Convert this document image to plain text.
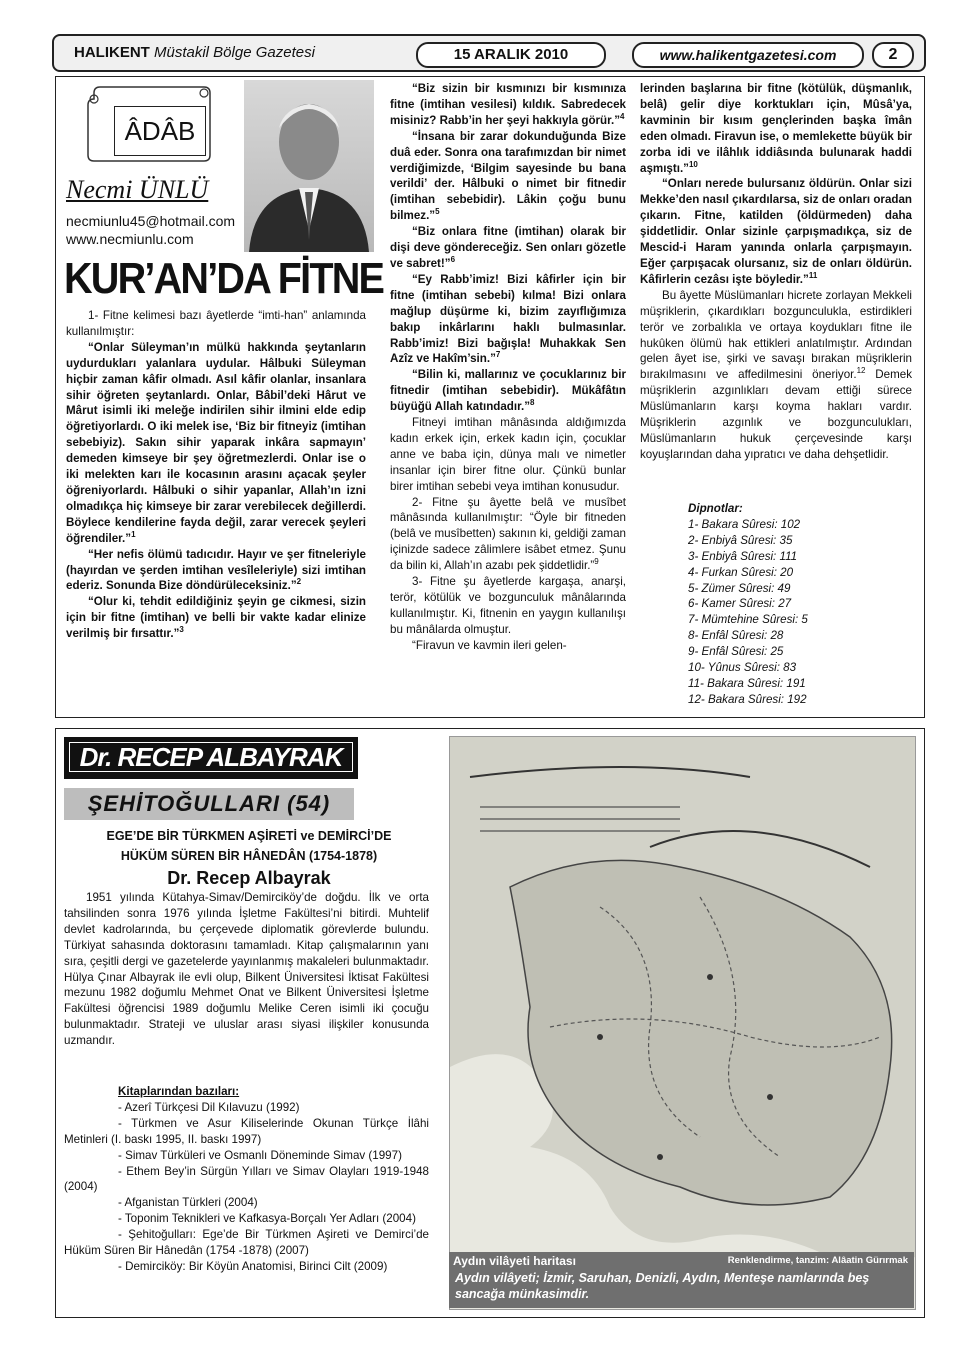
HALIKENT Müstakil Bölge Gazetesi	15 ARALIK 2010	www.halikentgazetesi.com	2
ÂDÂB
Necmi ÜNLÜ
necmiunlu45@hotmail.com
www.necmiunlu.com
KUR’AN’DA FİTNE

1- Fitne kelimesi bazı âyetlerde “imti-han” anlamında kullanılmıştır:

“Onlar Süleyman’ın mülkü hakkında şeytanların uydurdukları yalanlara uydular. Hâlbuki Süleyman hiçbir zaman kâfir olmadı. Asıl kâfir olanlar, insanlara sihir öğreten şeytanlardı. Onlar, Bâbil’deki Hârut ve Mârut isimli iki meleğe indirilen sihir ilmini elde edip öğretiyorlardı. O iki melek ise, ‘Biz bir fitneyiz (imtihan sebebiyiz). Sakın sihir yaparak inkâra sapmayın’ demeden kimseye bir şey öğretmezlerdi. Onlar ise o iki melekten karı ile kocasının arasını açacak şeyler öğreniyorlardı. Hâlbuki o sihir yapanlar, Allah’ın izni olmadıkça hiç kimseye bir zarar verebilecek değillerdi. Böylece kendilerine fayda değil, zarar verecek şeyleri öğrendiler.”$^1$

“Her nefis ölümü tadıcıdır. Hayır ve şer fitneleriyle (hayırdan ve şerden imtihan vesîleleriyle) sizi imtihan ederiz. Sonunda Bize döndürüleceksiniz.”$^2$

“Olur ki, tehdit edildiğiniz şeyin ge cikmesi, sizin için bir fitne (imtihan) ve belli bir vakte kadar elinize verilmiş bir fırsattır.”$^3$

“Biz sizin bir kısmınızı bir kısmınıza fitne (imtihan vesilesi) kıldık. Sabredecek misiniz? Rabb’in her şeyi hakkıyla görür.”$^4$

“İnsana bir zarar dokunduğunda Bize duâ eder. Sonra ona tarafımızdan bir nimet verdiğimizde, ‘Bilgim sayesinde bu bana verildi’ der. Hâlbuki o nimet bir fitnedir (imtihan sebebidir). Lâkin çoğu bunu bilmez.”$^5$

“Biz onlara fitne (imtihan) olarak bir dişi deve göndereceğiz. Sen onları gözetle ve sabret!”$^6$

“Ey Rabb’imiz! Bizi kâfirler için bir fitne (imtihan sebebi) kılma! Bizi onlara mağlup düşürme ki, bizim zayıflığımıza bakıp inkârlarını haklı bulmasınlar. Rabb’imiz! Bizi bağışla! Muhakkak Sen Azîz ve Hakîm’sin.”$^7$

“Bilin ki, mallarınız ve çocuklarınız bir fitnedir (imtihan sebebidir). Mükâfâtın büyüğü Allah katındadır.”$^8$

Fitneyi imtihan mânâsında aldığımızda kadın erkek için, erkek kadın için, çocuklar anne ve baba için, dünya malı ve nimetler insanlar için birer fitne olur. Çünkü bunlar birer imtihan sebebi veya imtihan konusudur.

2- Fitne şu âyette belâ ve musîbet mânâsında kullanılmıştır: “Öyle bir fitneden (belâ ve musîbetten) sakının ki, geldiği zaman içinizde sadece zâlimlere isâbet etmez. Şunu da bilin ki, Allah’ın azabı pek şiddetlidir.”$^9$

3- Fitne şu âyetlerde kargaşa, anarşi, terör, kötülük ve bozgunculuk mânâlarında kullanılmıştır. Ki, fitnenin en yaygın kullanılışı bu mânâlarda olmuştur.

“Firavun ve kavmin ileri gelen-

lerinden başlarına bir fitne (kötülük, düşmanlık, belâ) gelir diye korktukları için, Mûsâ’ya, kavminin bir kısım gençlerinden başka îmân eden olmadı. Firavun ise, o memlekette büyük bir zorba idi ve ilâhlık iddiâsında bulunarak haddi aşmıştı.”$^{10}$

“Onları nerede bulursanız öldürün. Onlar sizi Mekke’den nasıl çıkardılarsa, siz de onları oradan çıkarın. Fitne, katilden (öldürmeden) daha şiddetlidir. Onlar sizinle çarpışmadıkça, siz de Mescid-i Haram yanında onlarla çarpışmayın. Eğer çarpışacak olursanız, siz de onları öldürün. Kâfirlerin cezâsı işte böyledir.”$^{11}$

Bu âyette Müslümanları hicrete zorlayan Mekkeli müşriklerin, çıkardıkları bozgunculukla, estirdikleri terör ve zorbalıkla ve ortaya koydukları fitne ile hukûken ölümü hak ettikleri anlatılmıştır. Ardından gelen âyet ise, şirki ve savaşı bırakan müşriklerin bırakılmasını ve affedilmesini öneriyor.$^{12}$ Demek müşriklerin azgınlıkları devam ettiği sürece Müslümanların karşı koyma hakları vardır. Müşriklerin azgınlık ve bozgunculukları, Müslümanların hukuk çerçevesinde karşı koyuşlarından daha yıpratıcı ve daha dehşetlidir.

Dipnotlar:

1- Bakara Sûresi: 102

2- Enbiyâ Sûresi: 35

3- Enbiyâ Sûresi: 111

4- Furkan Sûresi: 20

5- Zümer Sûresi: 49

6- Kamer Sûresi: 27

7- Mümtehine Sûresi: 5

8- Enfâl Sûresi: 28

9- Enfâl Sûresi: 25

10- Yûnus Sûresi: 83

11- Bakara Sûresi: 191

12- Bakara Sûresi: 192

Dr. RECEP ALBAYRAK
ŞEHİTOĞULLARI (54)
EGE’DE BİR TÜRKMEN AŞİRETİ ve DEMİRCİ’DE
HÜKÜM SÜREN BİR HÂNEDÂN (1754-1878)
Dr. Recep Albayrak

1951 yılında Kütahya-Simav/Demirciköy’de doğdu. İlk ve orta tahsilinden sonra 1976 yılında İşletme Fakültesi’ni bitirdi. Muhtelif devlet kadrolarında, bu çerçevede diplomatik görevlerde bulundu. Türkiyat sahasında doktorasını tamamladı. Kitap çalışmalarının yanı sıra, çeşitli dergi ve gazetelerde yayınlanmış makaleleri bulunmaktadır. Hülya Çınar Albayrak ile evli olup, Bilkent Üniversitesi İktisat Fakültesi mezunu 1982 doğumlu Mehmet Onat ve Bilkent Üniversitesi İşletme Fakültesi öğrencisi 1989 doğumlu Melike Ceren isimli iki çocuğu bulunmaktadır. Strateji ve uluslar arası siyasi ilişkiler konusunda uzmandır.

Kitaplarından bazıları:

- Azerî Türkçesi Dil Kılavuzu (1992)

- Türkmen ve Asur Kiliselerinde Okunan Türkçe İlâhi Metinleri (I. baskı 1995, II. baskı 1997)

- Simav Türküleri ve Osmanlı Döneminde Simav (1997)

- Ethem Bey’in Sürgün Yılları ve Simav Olayları 1919-1948 (2004)

- Afganistan Türkleri (2004)

- Toponim Teknikleri ve Kafkasya-Borçalı Yer Adları (2004)

- Şehitoğulları: Ege’de Bir Türkmen Aşireti ve Demirci’de Hüküm Süren Bir Hânedân (1754 -1878) (2007)

- Demirciköy: Bir Köyün Anatomisi, Birinci Cilt (2009)	Aydın vilâyeti haritası	Renklendirme, tanzim: Alâatin Gürırmak
Aydın vilâyeti; İzmir, Saruhan, Denizli, Aydın, Menteşe namlarında beş sancağa münkasimdir.
